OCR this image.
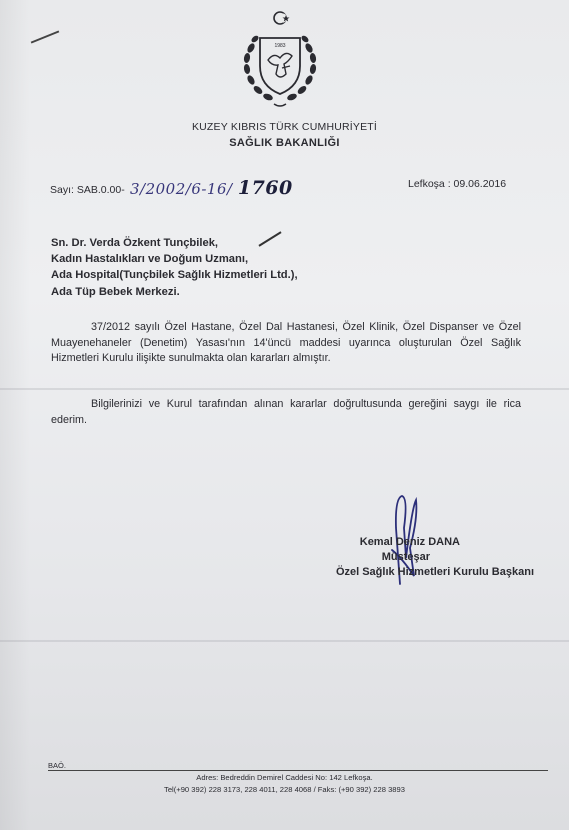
1983
KUZEY KIBRIS TÜRK CUMHURİYETİ
SAĞLIK BAKANLIĞI
Sayı: SAB.0.00- 3/2002/6-16/ 1760	Lefkoşa : 09.06.2016
Sn. Dr. Verda Özkent Tunçbilek,
Kadın Hastalıkları ve Doğum Uzmanı,
Ada Hospital(Tunçbilek Sağlık Hizmetleri Ltd.),
Ada Tüp Bebek Merkezi.
37/2012 sayılı Özel Hastane, Özel Dal Hastanesi, Özel Klinik, Özel Dispanser ve Özel Muayenehaneler (Denetim) Yasası'nın 14'üncü maddesi uyarınca oluşturulan Özel Sağlık Hizmetleri Kurulu ilişikte sunulmakta olan kararları almıştır.
Bilgilerinizi ve Kurul tarafından alınan kararlar doğrultusunda gereğini saygı ile rica ederim.
Kemal Deniz DANA
Müsteşar
Özel Sağlık Hizmetleri Kurulu Başkanı
BAÖ.
Adres: Bedreddin Demirel Caddesi No: 142 Lefkoşa.
Tel(+90 392) 228 3173, 228 4011, 228 4068 / Faks: (+90 392) 228 3893
